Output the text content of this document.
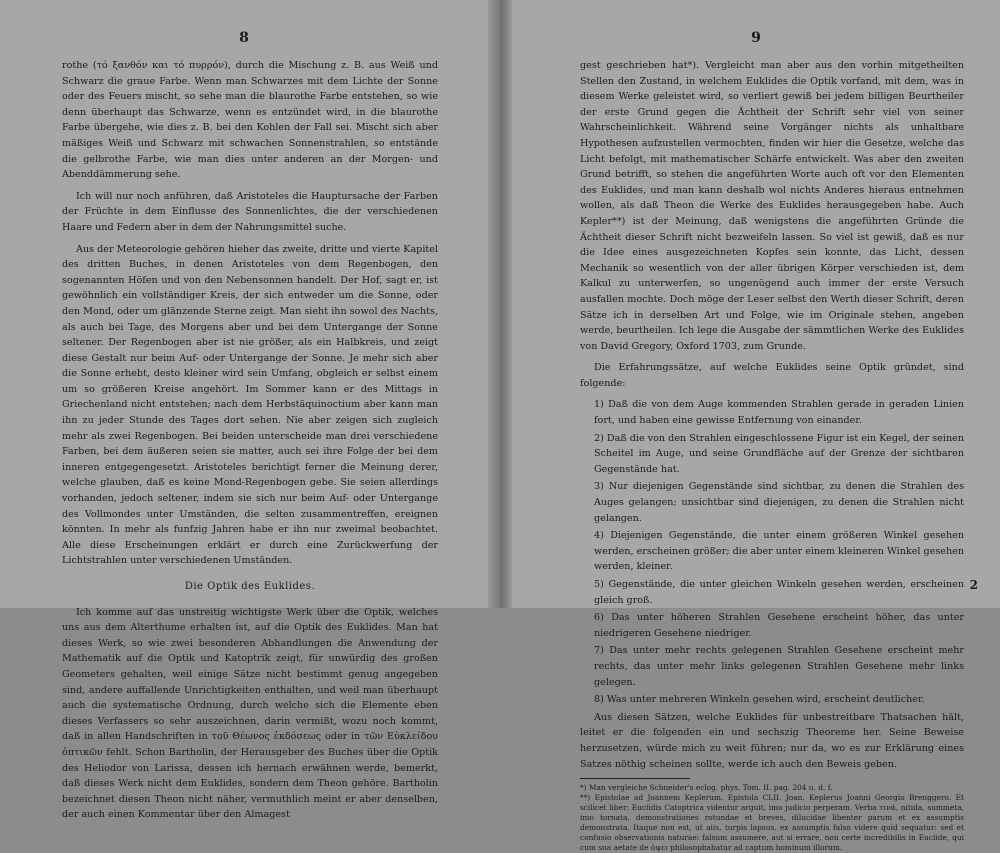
8

rothe (τό ξανθόν και τό πυρρόν), durch die Mischung z. B. aus Weiß und Schwarz die graue Farbe. Wenn man Schwarzes mit dem Lichte der Sonne oder des Feuers mischt, so sehe man die blaurothe Farbe entstehen, so wie denn überhaupt das Schwarze, wenn es entzündet wird, in die blaurothe Farbe übergehe, wie dies z. B. bei den Kohlen der Fall sei. Mischt sich aber mäßiges Weiß und Schwarz mit schwachen Sonnenstrahlen, so entstände die gelbrothe Farbe, wie man dies unter anderen an der Morgen- und Abenddämmerung sehe.

Ich will nur noch anführen, daß Aristoteles die Hauptursache der Farben der Früchte in dem Einflusse des Sonnenlichtes, die der verschiedenen Haare und Federn aber in dem der Nahrungsmittel suche.

Aus der Meteorologie gehören hieher das zweite, dritte und vierte Kapitel des dritten Buches, in denen Aristoteles von dem Regenbogen, den sogenannten Höfen und von den Nebensonnen handelt. Der Hof, sagt er, ist gewöhnlich ein vollständiger Kreis, der sich entweder um die Sonne, oder den Mond, oder um glänzende Sterne zeigt. Man sieht ihn sowol des Nachts, als auch bei Tage, des Morgens aber und bei dem Untergange der Sonne seltener. Der Regenbogen aber ist nie größer, als ein Halbkreis, und zeigt diese Gestalt nur beim Auf- oder Untergange der Sonne. Je mehr sich aber die Sonne erhebt, desto kleiner wird sein Umfang, obgleich er selbst einem um so größeren Kreise angehört. Im Sommer kann er des Mittags in Griechenland nicht entstehen; nach dem Herbstäquinoctium aber kann man ihn zu jeder Stunde des Tages dort sehen. Nie aber zeigen sich zugleich mehr als zwei Regenbogen. Bei beiden unterscheide man drei verschiedene Farben, bei dem äußeren seien sie matter, auch sei ihre Folge der bei dem inneren entgegengesetzt. Aristoteles berichtigt ferner die Meinung derer, welche glauben, daß es keine Mond-Regenbogen gebe. Sie seien allerdings vorhanden, jedoch seltener, indem sie sich nur beim Auf- oder Untergange des Vollmondes unter Umständen, die selten zusammentreffen, ereignen könnten. In mehr als funfzig Jahren habe er ihn nur zweimal beobachtet. Alle diese Erscheinungen erklärt er durch eine Zurückwerfung der Lichtstrahlen unter verschiedenen Umständen.

Die Optik des Euklides.

Ich komme auf das unstreitig wichtigste Werk über die Optik, welches uns aus dem Alterthume erhalten ist, auf die Optik des Euklides. Man hat dieses Werk, so wie zwei besonderen Abhandlungen die Anwendung der Mathematik auf die Optik und Katoptrik zeigt, für unwürdig des großen Geometers gehalten, weil einige Sätze nicht bestimmt genug angegeben sind, andere auffallende Unrichtigkeiten enthalten, und weil man überhaupt auch die systematische Ordnung, durch welche sich die Elemente eben dieses Verfassers so sehr auszeichnen, darin vermißt, wozu noch kommt, daß in allen Handschriften in τοῦ Θέωνος ἐκδόσεως oder in τῶν Εὐκλείδου ὀπτικῶν fehlt. Schon Bartholin, der Herausgeber des Buches über die Optik des Heliodor von Larissa, dessen ich hernach erwähnen werde, bemerkt, daß dieses Werk nicht dem Euklides, sondern dem Theon gehöre. Bartholin bezeichnet diesen Theon nicht näher, vermuthlich meint er aber denselben, der auch einen Kommentar über den Almagest

9

gest geschrieben hat*). Vergleicht man aber aus den vorhin mitgetheilten Stellen den Zustand, in welchem Euklides die Optik vorfand, mit dem, was in diesem Werke geleistet wird, so verliert gewiß bei jedem billigen Beurtheiler der erste Grund gegen die Ächtheit der Schrift sehr viel von seiner Wahrscheinlichkeit. Während seine Vorgänger nichts als unhaltbare Hypothesen aufzustellen vermochten, finden wir hier die Gesetze, welche das Licht befolgt, mit mathematischer Schärfe entwickelt. Was aber den zweiten Grund betrifft, so stehen die angeführten Worte auch oft vor den Elementen des Euklides, und man kann deshalb wol nichts Anderes hieraus entnehmen wollen, als daß Theon die Werke des Euklides herausgegeben habe. Auch Kepler**) ist der Meinung, daß wenigstens die angeführten Gründe die Ächtheit dieser Schrift nicht bezweifeln lassen. So viel ist gewiß, daß es nur die Idee eines ausgezeichneten Kopfes sein konnte, das Licht, dessen Mechanik so wesentlich von der aller übrigen Körper verschieden ist, dem Kalkul zu unterwerfen, so ungenügend auch immer der erste Versuch ausfallen mochte. Doch möge der Leser selbst den Werth dieser Schrift, deren Sätze ich in derselben Art und Folge, wie im Originale stehen, angeben werde, beurtheilen. Ich lege die Ausgabe der sämmtlichen Werke des Euklides von David Gregory, Oxford 1703, zum Grunde.

Die Erfahrungssätze, auf welche Euklides seine Optik gründet, sind folgende:

1) Daß die von dem Auge kommenden Strahlen gerade in geraden Linien fort, und haben eine gewisse Entfernung von einander.

2) Daß die von den Strahlen eingeschlossene Figur ist ein Kegel, der seinen Scheitel im Auge, und seine Grundfläche auf der Grenze der sichtbaren Gegenstände hat.

3) Nur diejenigen Gegenstände sind sichtbar, zu denen die Strahlen des Auges gelangen; unsichtbar sind diejenigen, zu denen die Strahlen nicht gelangen.

4) Diejenigen Gegenstände, die unter einem größeren Winkel gesehen werden, erscheinen größer; die aber unter einem kleineren Winkel gesehen werden, kleiner.

5) Gegenstände, die unter gleichen Winkeln gesehen werden, erscheinen gleich groß.

6) Das unter höheren Strahlen Gesehene erscheint höher, das unter niedrigeren Gesehene niedriger.

7) Das unter mehr rechts gelegenen Strahlen Gesehene erscheint mehr rechts, das unter mehr links gelegenen Strahlen Gesehene mehr links gelegen.

8) Was unter mehreren Winkeln gesehen wird, erscheint deutlicher.

Aus diesen Sätzen, welche Euklides für unbestreitbare Thatsachen hält, leitet er die folgenden ein und sechszig Theoreme her. Seine Beweise herzusetzen, würde mich zu weit führen; nur da, wo es zur Erklärung eines Satzes nöthig scheinen sollte, werde ich auch den Beweis geben.

*) Man vergleiche Schneider's eclog. phys. Tom. II. pag. 204 u. d. f.

**) Epistolae ad Joannem Keplerum. Epistola CLII. Joan. Keplerus Joanni Georgio Brenggero. Et scilicet liber: Euclidis Catoptrica videntur arguit, imo judicio perperam. Verba τινά, nitida, summeta, imo tornata, demonstrationes rotundae et breves, dilucidae libenter parum et ex assumptis demonstrata. Itaque non est, ut aiis, turpis lapsus, ex assumptis falso videre quid sequatur: sed et confusio observationis naturae: falsum assumere, aut si errare, non certe incredibilis in Euclide, qui cum sua aetate de ὀψει philosophabatur ad captum hominum illorum.

2
